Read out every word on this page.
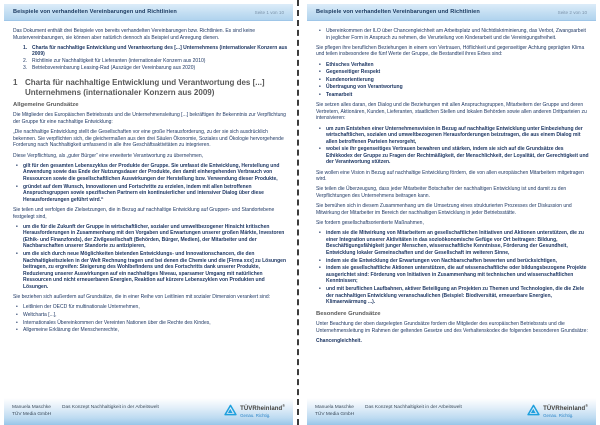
Beispiele von verhandelten Vereinbarungen und Richtlinien	Seite 1 von 10

Das Dokument enthält drei Beispiele von bereits verhandelten Vereinbarungen bzw. Richtlinien. Es sind keine Mustervereinbarungen, sie können aber natürlich dennoch als Beispiel und Anregung dienen.

1. Charta für nachhaltige Entwicklung und Verantwortung des [...] Unternehmens (internationaler Konzern aus 2009)
2. Richtlinie zur Nachhaltigkeit für Lieferanten (internationaler Konzern aus 2010)
3. Betriebsvereinbarung Leasing-Rad (Auszüge der Vereinbarung aus 2020)
1 Charta für nachhaltige Entwicklung und Verantwortung des [...] Unternehmens (internationaler Konzern aus 2009)
Allgemeine Grundsätze

Die Mitglieder des Europäischen Betriebsrats und die Unternehmensleitung [...] bekräftigen ihr Bekenntnis zur Verpflichtung der Gruppe für eine nachhaltige Entwicklung:

„Die nachhaltige Entwicklung stellt die Gesellschaften vor eine große Herausforderung, zu der sie sich ausdrücklich bekennen. Sie verpflichten sich, die gleichermaßen aus den drei Säulen Ökonomie, Soziales und Ökologie hervorgehende Forderung nach Nachhaltigkeit umfassend in alle ihre Geschäftsaktivitäten zu integrieren.

Diese Verpflichtung, als „guter Bürger“ eine erweiterte Verantwortung zu übernehmen,

• gilt für den gesamten Lebenszyklus der Produkte der Gruppe. Sie umfasst die Entwicklung, Herstellung und Anwendung sowie das Ende der Nutzungsdauer der Produkte, den damit einhergehenden Verbrauch von Ressourcen sowie die gesellschaftlichen Auswirkungen der Herstellung bzw. Verwendung dieser Produkte,
• gründet auf dem Wunsch, Innovationen und Fortschritte zu erzielen, indem mit allen betroffenen Anspruchsgruppen sowie spezifischen Partnern ein kontinuierlicher und intensiver Dialog über diese Herausforderungen geführt wird.“

Sie teilen und verfolgen die Zielsetzungen, die in Bezug auf nachhaltige Entwicklung auf Gruppen- und Standortebene festgelegt sind,

• um die für die Zukunft der Gruppe in wirtschaftlicher, sozialer und umweltbezogener Hinsicht kritischen Herausforderungen in Zusammenhang mit den Vorgaben und Erwartungen unserer großen Märkte, Investoren (Ethik- und Finanzfonds), der Zivilgesellschaft (Behörden, Bürger, Medien), der Mitarbeiter und der Nachbarschaften unserer Standorte zu antizipieren,
• um die sich durch neue Möglichkeiten bietenden Entwicklungs- und Innovationschancen, die den Nachhaltigkeitszielen in der Welt Rechnung tragen und bei denen die Chemie und die [Firma xxx] zu Lösungen beitragen, zu ergreifen: Steigerung des Wohlbefindens und des Fortschritts dank unserer Produkte, Reduzierung unserer Auswirkungen auf ein nachhaltiges Niveau, sparsamer Umgang mit natürlichen Ressourcen und nicht erneuerbaren Energien, Reaktion auf kürzere Lebenszyklen von Produkten und Lösungen.

Sie beziehen sich außerdem auf Grundsätze, die in einer Reihe von Leitlinien mit sozialer Dimension verankert sind:

• Leitlinien der OECD für multinationale Unternehmen,
• Weltcharta [...],
• Internationales Übereinkommen der Vereinten Nationen über die Rechte des Kindes,
• Allgemeine Erklärung der Menschenrechte,
Manuela Maschke	Das Konzept Nachhaltigkeit in der Arbeitswelt
TÜV Media GmbH
TÜVRheinland®
Genau. Richtig.
Beispiele von verhandelten Vereinbarungen und Richtlinien	Seite 2 von 10
• Übereinkommen der ILO über Chancengleichheit am Arbeitsplatz und Nichtdiskriminierung, das Verbot, Zwangsarbeit in jeglicher Form in Anspruch zu nehmen, die Verurteilung von Kinderarbeit und die Vereinigungsfreiheit.

Sie pflegen ihre beruflichen Beziehungen in einem von Vertrauen, Höflichkeit und gegenseitiger Achtung geprägten Klima und teilen insbesondere die fünf Werte der Gruppe, die Bestandteil ihres Erbes sind:

• Ethisches Verhalten
• Gegenseitiger Respekt
• Kundenorientierung
• Übertragung von Verantwortung
• Teamarbeit

Sie setzen alles daran, den Dialog und die Beziehungen mit allen Anspruchsgruppen, Mitarbeitern der Gruppe und deren Vertretern, Aktionären, Kunden, Lieferanten, staatlichen Stellen und lokalen Behörden sowie allen anderen Drittparteien zu intensivieren:

• um zum Entstehen einer Unternehmensvision in Bezug auf nachhaltige Entwicklung unter Einbeziehung der wirtschaftlichen, sozialen und umweltbezogenen Herausforderungen beizutragen, die aus einem Dialog mit allen betroffenen Parteien hervorgeht,
• wobei sie ihr gegenseitiges Vertrauen bewahren und stärken, indem sie sich auf die Grundsätze des Ethikkodex der Gruppe zu Fragen der Rechtmäßigkeit, der Menschlichkeit, der Loyalität, der Gerechtigkeit und der Verantwortung stützen.

Sie wollen eine Vision in Bezug auf nachhaltige Entwicklung fördern, die von allen europäischen Mitarbeitern mitgetragen wird.

Sie teilen die Überzeugung, dass jeder Mitarbeiter Botschafter der nachhaltigen Entwicklung ist und damit zu den Verpflichtungen des Unternehmens beitragen kann.

Sie bemühen sich in diesem Zusammenhang um die Umsetzung eines strukturierten Prozesses der Diskussion und Mitwirkung der Mitarbeiter im Bereich der nachhaltigen Entwicklung in jeder Betriebsstätte.

Sie fordern gesellschaftsorientierte Maßnahmen,

• indem sie die Mitwirkung von Mitarbeitern an gesellschaftlichen Initiativen und Aktionen unterstützen, die zu einer Integration unserer Aktivitäten in das sozioökonomische Gefüge vor Ort beitragen: Bildung, Beschäftigungsfähigkeit junger Menschen, wissenschaftliche Kenntnisse, Förderung der Gesundheit, Entwicklung lokaler Gemeinschaften und der Gesellschaft im weiteren Sinne,
• indem sie die Entwicklung der Erwartungen von Nachbarschaften bewerten und berücksichtigen,
• indem sie gesellschaftliche Aktionen unterstützen, die auf wissenschaftliche oder bildungsbezogene Projekte ausgerichtet sind: Förderung von Initiativen in Zusammenhang mit technischen und wissenschaftlichen Kenntnissen;
• und mit beruflichen Laufbahnen, aktiver Beteiligung an Projekten zu Themen und Technologien, die die Ziele der nachhaltigen Entwicklung veranschaulichen (Beispiel: Biodiversität, erneuerbare Energien, Klimaerwärmung ...).
Besondere Grundsätze

Unter Beachtung der oben dargelegten Grundsätze fordern die Mitglieder des europäischen Betriebsrats und die Unternehmensleitung im Rahmen der geltenden Gesetze und des Verhaltenskodex die folgenden besonderen Grundsätze:

Chancengleichheit.

Manuela Maschke	Das Konzept Nachhaltigkeit in der Arbeitswelt
TÜV Media GmbH
TÜVRheinland®
Genau. Richtig.
